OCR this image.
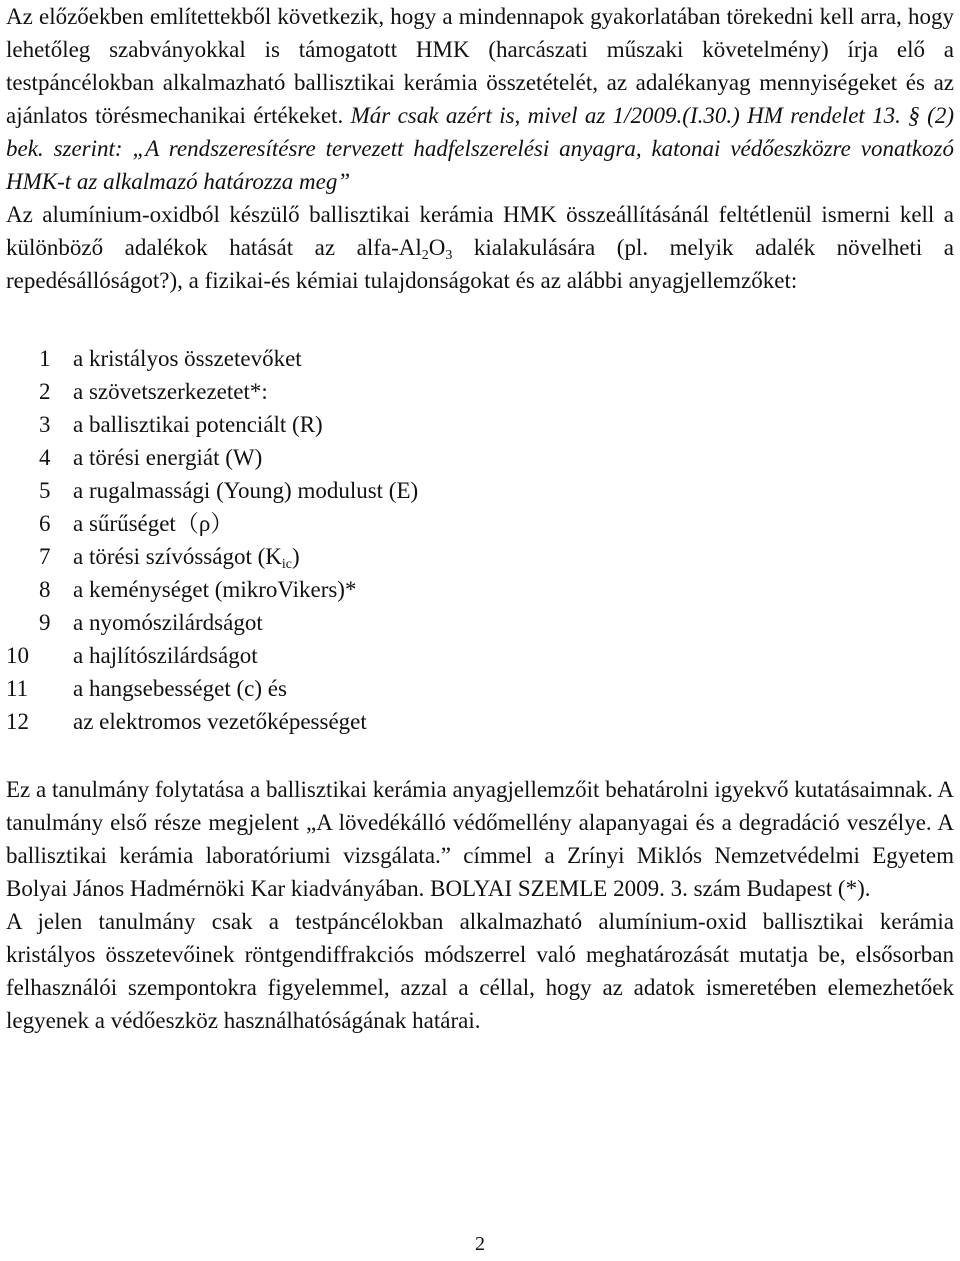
Az előzőekben említettekből következik, hogy a mindennapok gyakorlatában törekedni kell arra, hogy lehetőleg szabványokkal is támogatott HMK (harcászati műszaki követelmény) írja elő a testpáncélokban alkalmazható ballisztikai kerámia összetételét, az adalékanyag mennyiségeket és az ajánlatos törésmechanikai értékeket. Már csak azért is, mivel az 1/2009.(I.30.) HM rendelet 13. § (2) bek. szerint: „A rendszeresítésre tervezett hadfelszerelési anyagra, katonai védőeszközre vonatkozó HMK-t az alkalmazó határozza meg”

Az alumínium-oxidból készülő ballisztikai kerámia HMK összeállításánál feltétlenül ismerni kell a különböző adalékok hatását az alfa-$Al_2O_3$ kialakulására (pl. melyik adalék növelheti a repedésállóságot?), a fizikai-és kémiai tulajdonságokat és az alábbi anyagjellemzőket:

1 a kristályos összetevőket
2 a szövetszerkezetet*:
3 a ballisztikai potenciált (R)
4 a törési energiát (W)
5 a rugalmassági (Young) modulust (E)
6 a sűrűséget（ρ）
7 a törési szívósságot $(K_{ic})$
8 a keménységet (mikroVikers)*
9 a nyomószilárdságot
10 a hajlítószilárdságot
11 a hangsebességet (c) és
12 az elektromos vezetőképességet

Ez a tanulmány folytatása a ballisztikai kerámia anyagjellemzőit behatárolni igyekvő kutatásaimnak. A tanulmány első része megjelent „A lövedékálló védőmellény alapanyagai és a degradáció veszélye. A ballisztikai kerámia laboratóriumi vizsgálata.” címmel a Zrínyi Miklós Nemzetvédelmi Egyetem Bolyai János Hadmérnöki Kar kiadványában. BOLYAI SZEMLE 2009. 3. szám Budapest (*).

A jelen tanulmány csak a testpáncélokban alkalmazható alumínium-oxid ballisztikai kerámia kristályos összetevőinek röntgendiffrakciós módszerrel való meghatározását mutatja be, elsősorban felhasználói szempontokra figyelemmel, azzal a céllal, hogy az adatok ismeretében elemezhetőek legyenek a védőeszköz használhatóságának határai.

2
